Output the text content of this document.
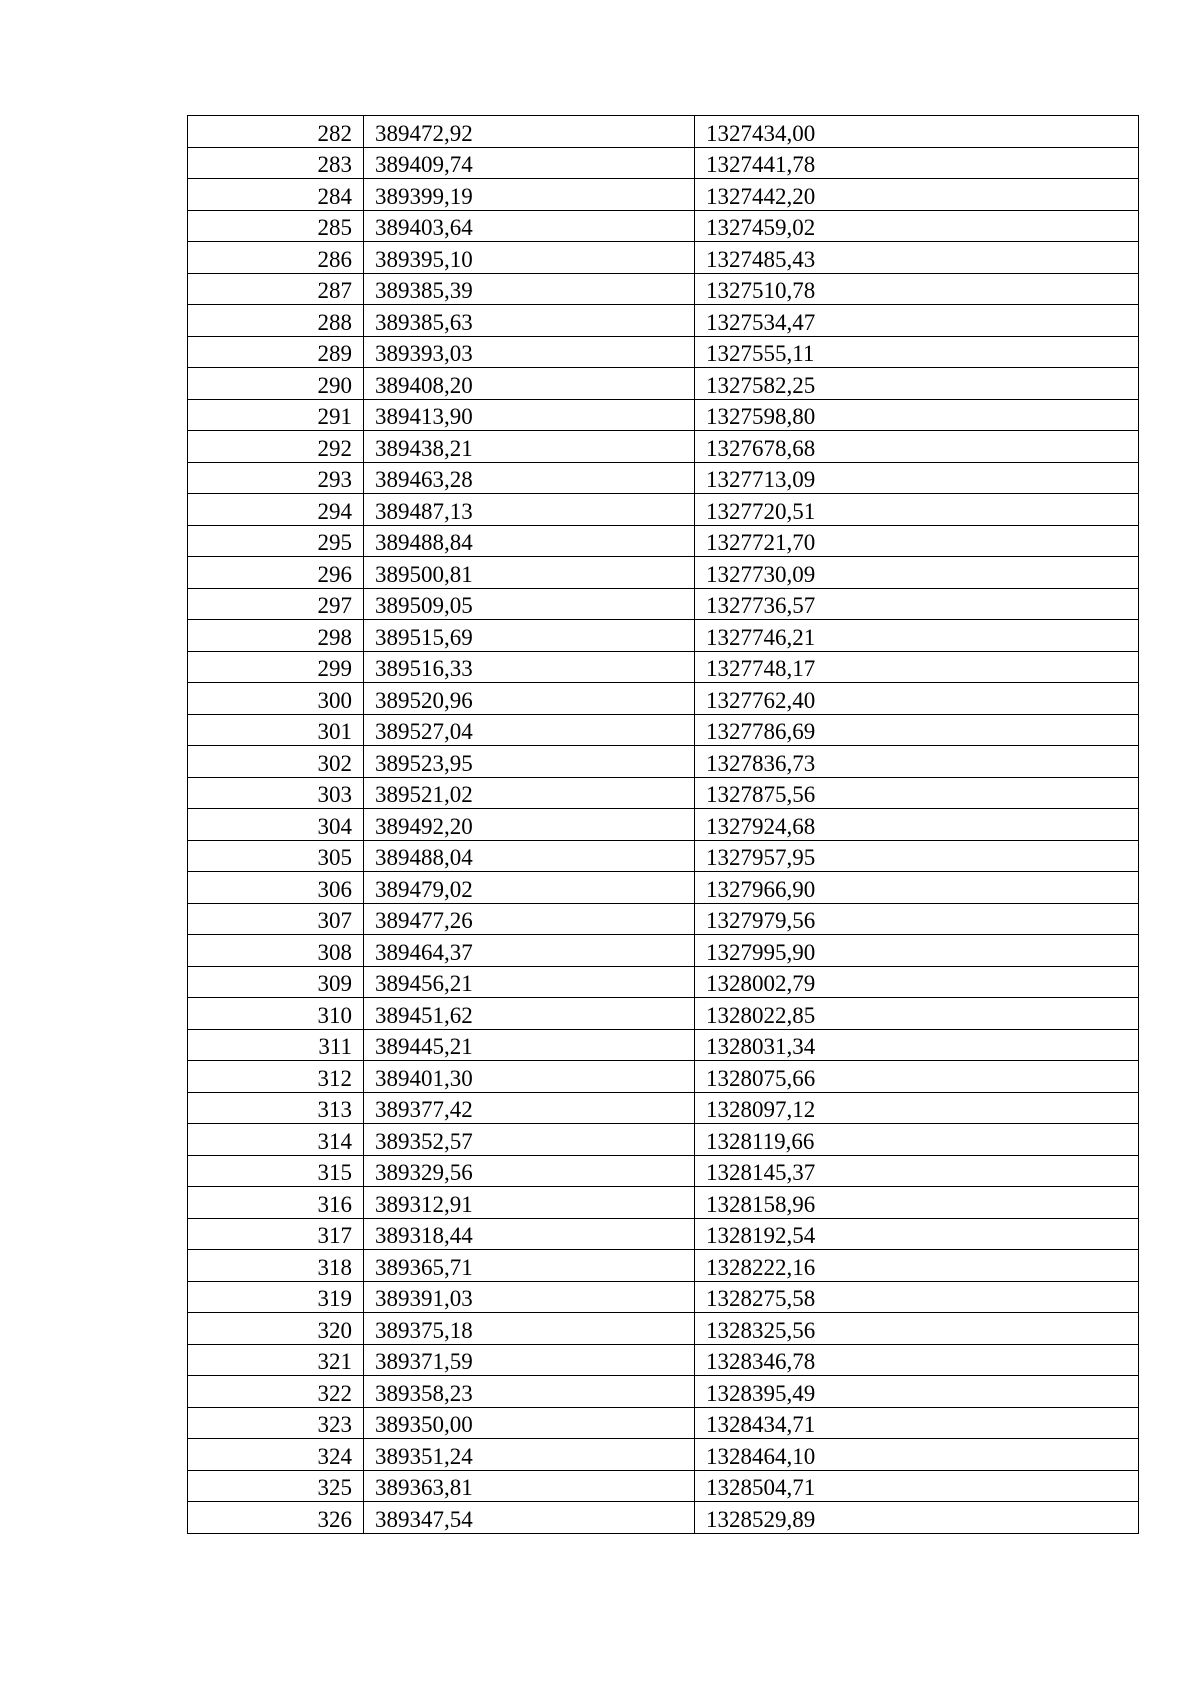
282	389472,92	1327434,00
283	389409,74	1327441,78
284	389399,19	1327442,20
285	389403,64	1327459,02
286	389395,10	1327485,43
287	389385,39	1327510,78
288	389385,63	1327534,47
289	389393,03	1327555,11
290	389408,20	1327582,25
291	389413,90	1327598,80
292	389438,21	1327678,68
293	389463,28	1327713,09
294	389487,13	1327720,51
295	389488,84	1327721,70
296	389500,81	1327730,09
297	389509,05	1327736,57
298	389515,69	1327746,21
299	389516,33	1327748,17
300	389520,96	1327762,40
301	389527,04	1327786,69
302	389523,95	1327836,73
303	389521,02	1327875,56
304	389492,20	1327924,68
305	389488,04	1327957,95
306	389479,02	1327966,90
307	389477,26	1327979,56
308	389464,37	1327995,90
309	389456,21	1328002,79
310	389451,62	1328022,85
311	389445,21	1328031,34
312	389401,30	1328075,66
313	389377,42	1328097,12
314	389352,57	1328119,66
315	389329,56	1328145,37
316	389312,91	1328158,96
317	389318,44	1328192,54
318	389365,71	1328222,16
319	389391,03	1328275,58
320	389375,18	1328325,56
321	389371,59	1328346,78
322	389358,23	1328395,49
323	389350,00	1328434,71
324	389351,24	1328464,10
325	389363,81	1328504,71
326	389347,54	1328529,89
